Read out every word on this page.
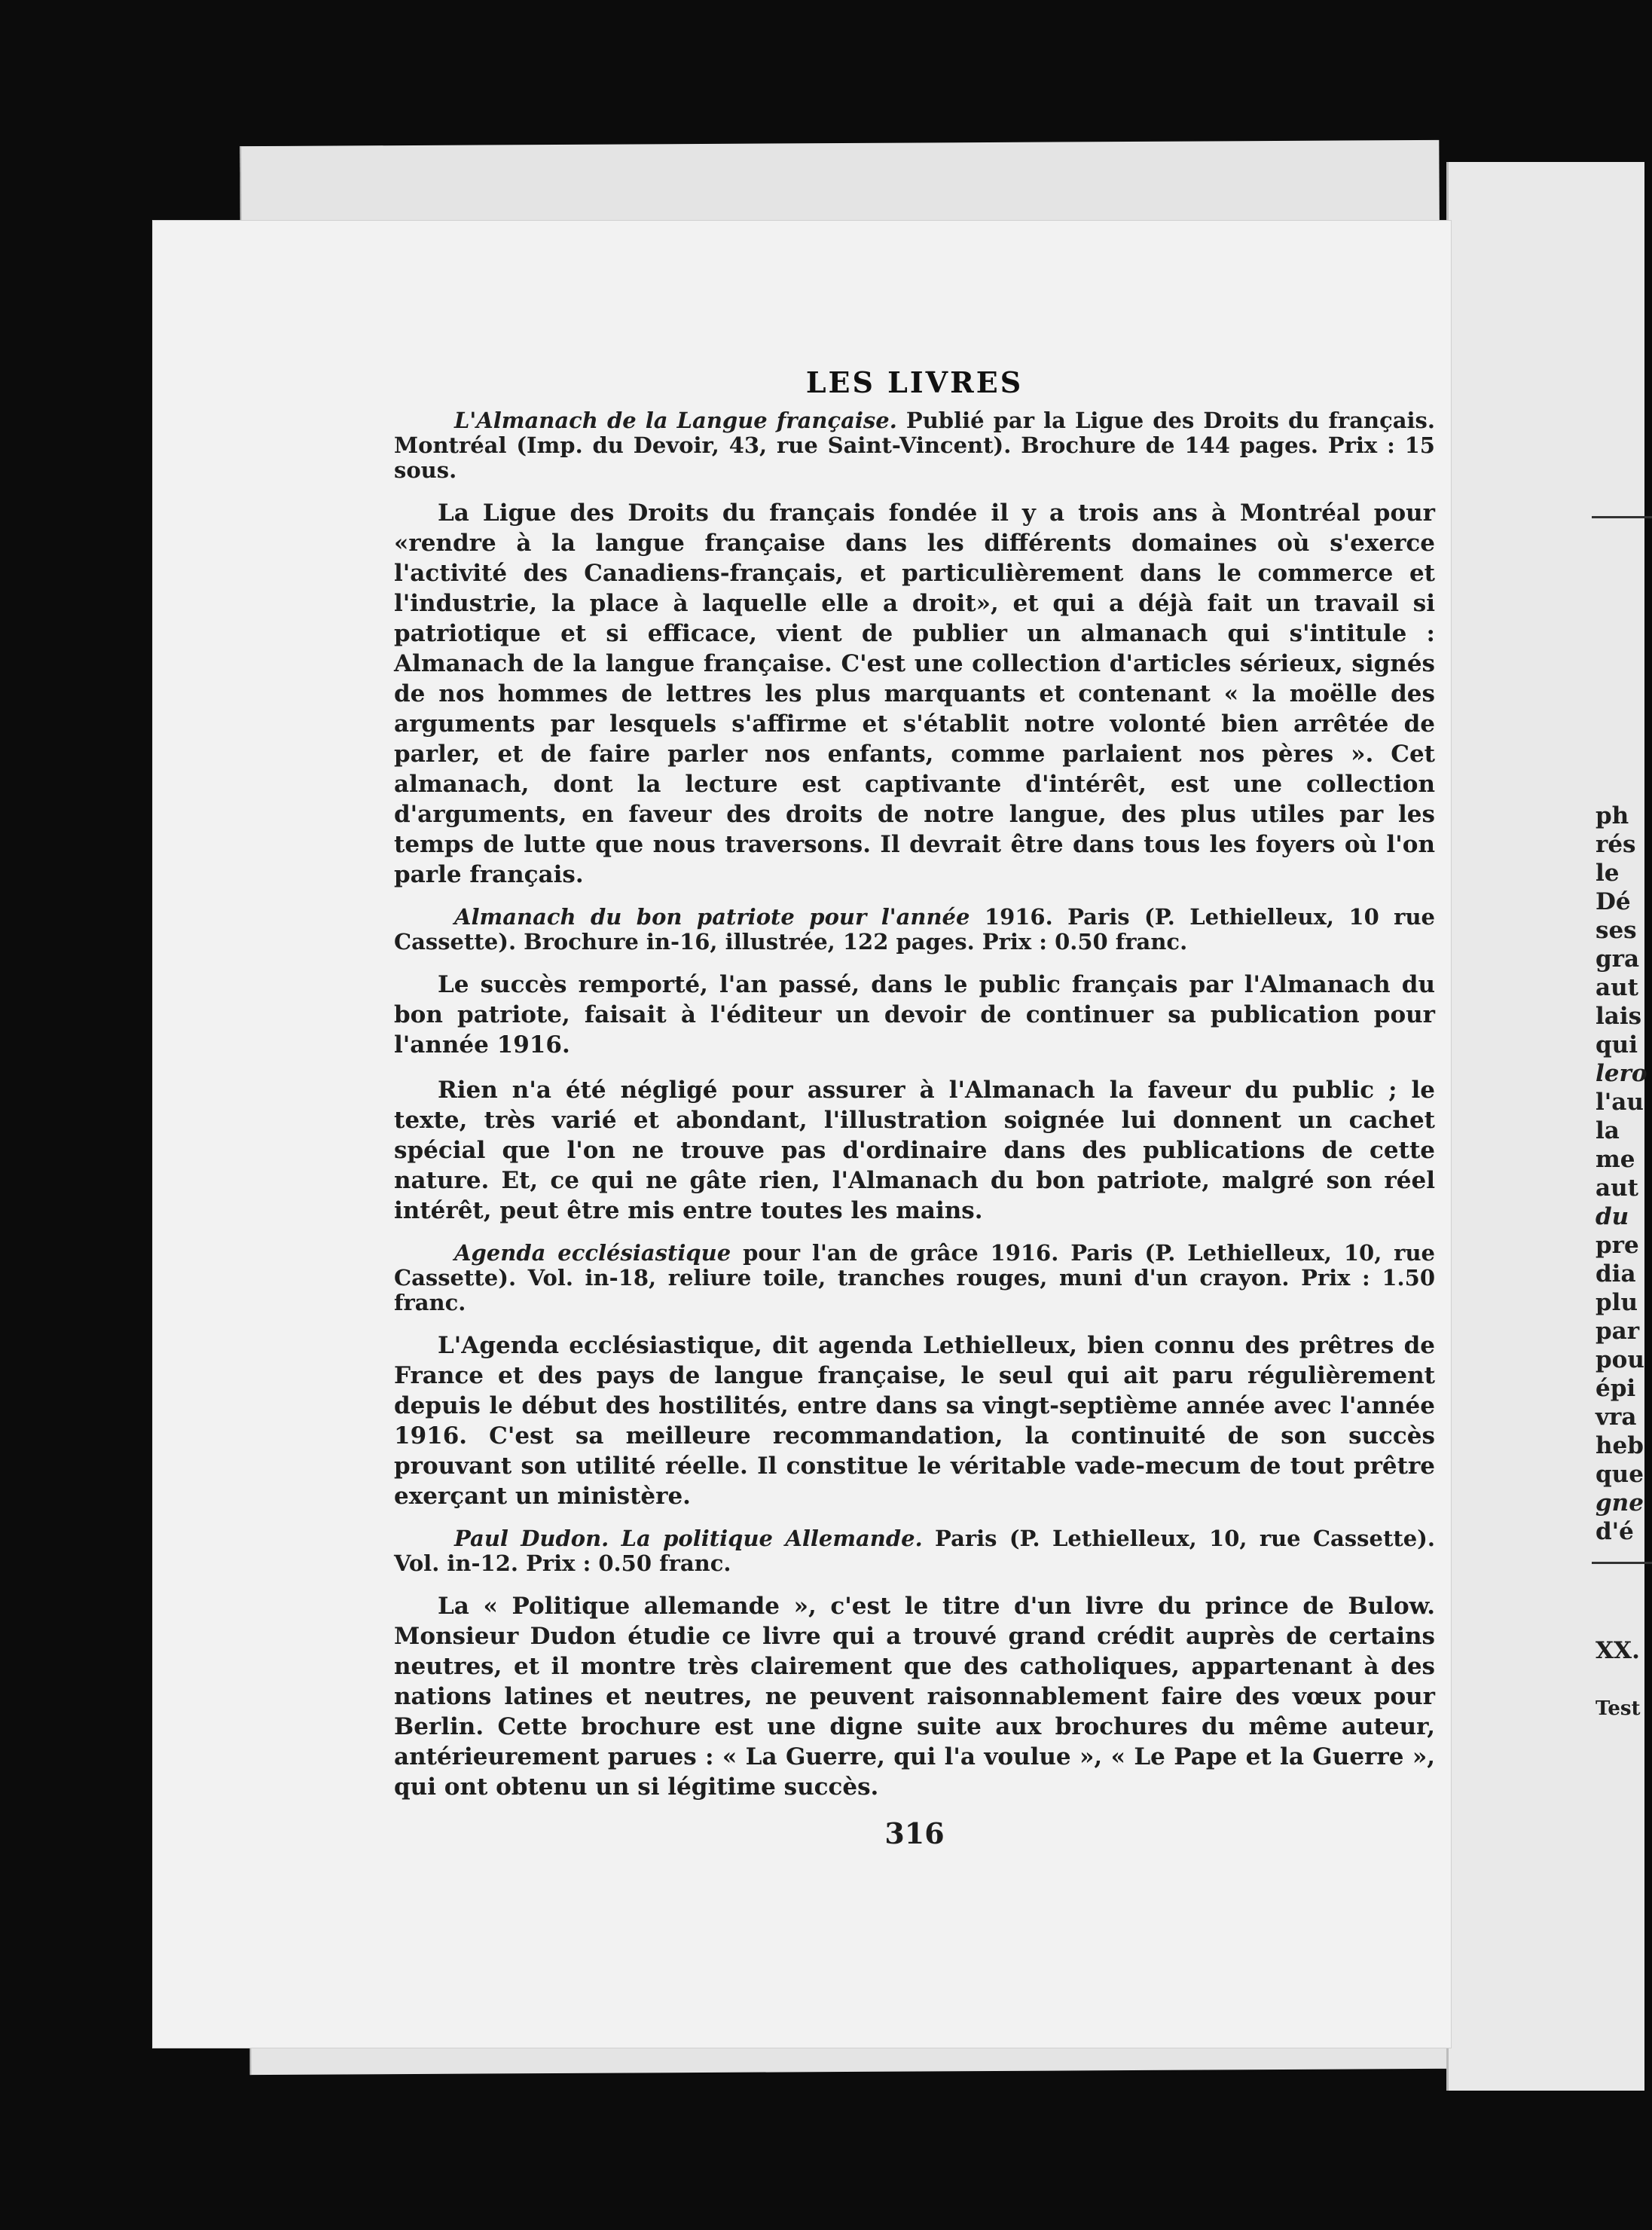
ph
rés
le
Dé
ses
gra
aut
lais
qui
lero
l'au
la
me
aut
du
pre
dia
plu
par
pou
épi
vra
heb
que
gne
d'é
XX.
Test
LES LIVRES
L'Almanach de la Langue française. Publié par la Ligue des Droits du français. Montréal (Imp. du Devoir, 43, rue Saint-Vincent). Brochure de 144 pages. Prix : 15 sous.

La Ligue des Droits du français fondée il y a trois ans à Montréal pour «rendre à la langue française dans les différents domaines où s'exerce l'activité des Canadiens-français, et particulièrement dans le commerce et l'industrie, la place à laquelle elle a droit», et qui a déjà fait un travail si patriotique et si efficace, vient de publier un almanach qui s'intitule : Almanach de la langue française. C'est une collection d'articles sérieux, signés de nos hommes de lettres les plus marquants et contenant « la moëlle des arguments par lesquels s'affirme et s'établit notre volonté bien arrêtée de parler, et de faire parler nos enfants, comme parlaient nos pères ». Cet almanach, dont la lecture est captivante d'intérêt, est une collection d'arguments, en faveur des droits de notre langue, des plus utiles par les temps de lutte que nous traversons. Il devrait être dans tous les foyers où l'on parle français.

Almanach du bon patriote pour l'année 1916. Paris (P. Lethielleux, 10 rue Cassette). Brochure in-16, illustrée, 122 pages. Prix : 0.50 franc.

Le succès remporté, l'an passé, dans le public français par l'Almanach du bon patriote, faisait à l'éditeur un devoir de continuer sa publication pour l'année 1916.

Rien n'a été négligé pour assurer à l'Almanach la faveur du public ; le texte, très varié et abondant, l'illustration soignée lui donnent un cachet spécial que l'on ne trouve pas d'ordinaire dans des publications de cette nature. Et, ce qui ne gâte rien, l'Almanach du bon patriote, malgré son réel intérêt, peut être mis entre toutes les mains.

Agenda ecclésiastique pour l'an de grâce 1916. Paris (P. Lethielleux, 10, rue Cassette). Vol. in-18, reliure toile, tranches rouges, muni d'un crayon. Prix : 1.50 franc.

L'Agenda ecclésiastique, dit agenda Lethielleux, bien connu des prêtres de France et des pays de langue française, le seul qui ait paru régulièrement depuis le début des hostilités, entre dans sa vingt-septième année avec l'année 1916. C'est sa meilleure recommandation, la continuité de son succès prouvant son utilité réelle. Il constitue le véritable vade-mecum de tout prêtre exerçant un ministère.

Paul Dudon. La politique Allemande. Paris (P. Lethielleux, 10, rue Cassette). Vol. in-12. Prix : 0.50 franc.

La « Politique allemande », c'est le titre d'un livre du prince de Bulow. Monsieur Dudon étudie ce livre qui a trouvé grand crédit auprès de certains neutres, et il montre très clairement que des catholiques, appartenant à des nations latines et neutres, ne peuvent raisonnablement faire des vœux pour Berlin. Cette brochure est une digne suite aux brochures du même auteur, antérieurement parues : « La Guerre, qui l'a voulue », « Le Pape et la Guerre », qui ont obtenu un si légitime succès.

316
